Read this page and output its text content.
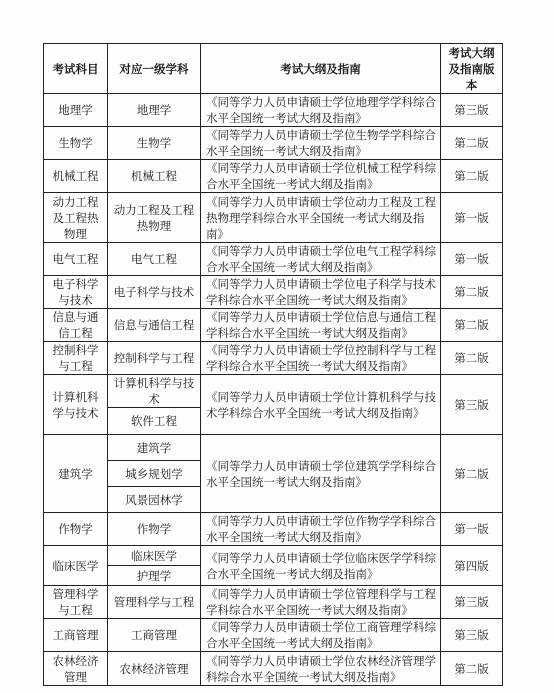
考试科目	对应一级学科	考试大纲及指南	考试大纲及指南版本
地理学	地理学	《同等学力人员申请硕士学位地理学学科综合水平全国统一考试大纲及指南》	第三版
生物学	生物学	《同等学力人员申请硕士学位生物学学科综合水平全国统一考试大纲及指南》	第二版
机械工程	机械工程	《同等学力人员申请硕士学位机械工程学科综合水平全国统一考试大纲及指南》	第二版
动力工程及工程热物理	动力工程及工程热物理	《同等学力人员申请硕士学位动力工程及工程热物理学科综合水平全国统一考试大纲及指南》	第一版
电气工程	电气工程	《同等学力人员申请硕士学位电气工程学科综合水平全国统一考试大纲及指南》	第一版
电子科学与技术	电子科学与技术	《同等学力人员申请硕士学位电子科学与技术学科综合水平全国统一考试大纲及指南》	第二版
信息与通信工程	信息与通信工程	《同等学力人员申请硕士学位信息与通信工程学科综合水平全国统一考试大纲及指南》	第二版
控制科学与工程	控制科学与工程	《同等学力人员申请硕士学位控制科学与工程学科综合水平全国统一考试大纲及指南》	第二版
计算机科学与技术	计算机科学与技术	《同等学力人员申请硕士学位计算机科学与技术学科综合水平全国统一考试大纲及指南》	第三版
	软件工程		
建筑学	建筑学	《同等学力人员申请硕士学位建筑学学科综合水平全国统一考试大纲及指南》	第二版
	城乡规划学		
	风景园林学		
作物学	作物学	《同等学力人员申请硕士学位作物学学科综合水平全国统一考试大纲及指南》	第一版
临床医学	临床医学	《同等学力人员申请硕士学位临床医学学科综合水平全国统一考试大纲及指南》	第四版
	护理学		
管理科学与工程	管理科学与工程	《同等学力人员申请硕士学位管理科学与工程学科综合水平全国统一考试大纲及指南》	第三版
工商管理	工商管理	《同等学力人员申请硕士学位工商管理学科综合水平全国统一考试大纲及指南》	第三版
农林经济管理	农林经济管理	《同等学力人员申请硕士学位农林经济管理学科综合水平全国统一考试大纲及指南》	第二版
